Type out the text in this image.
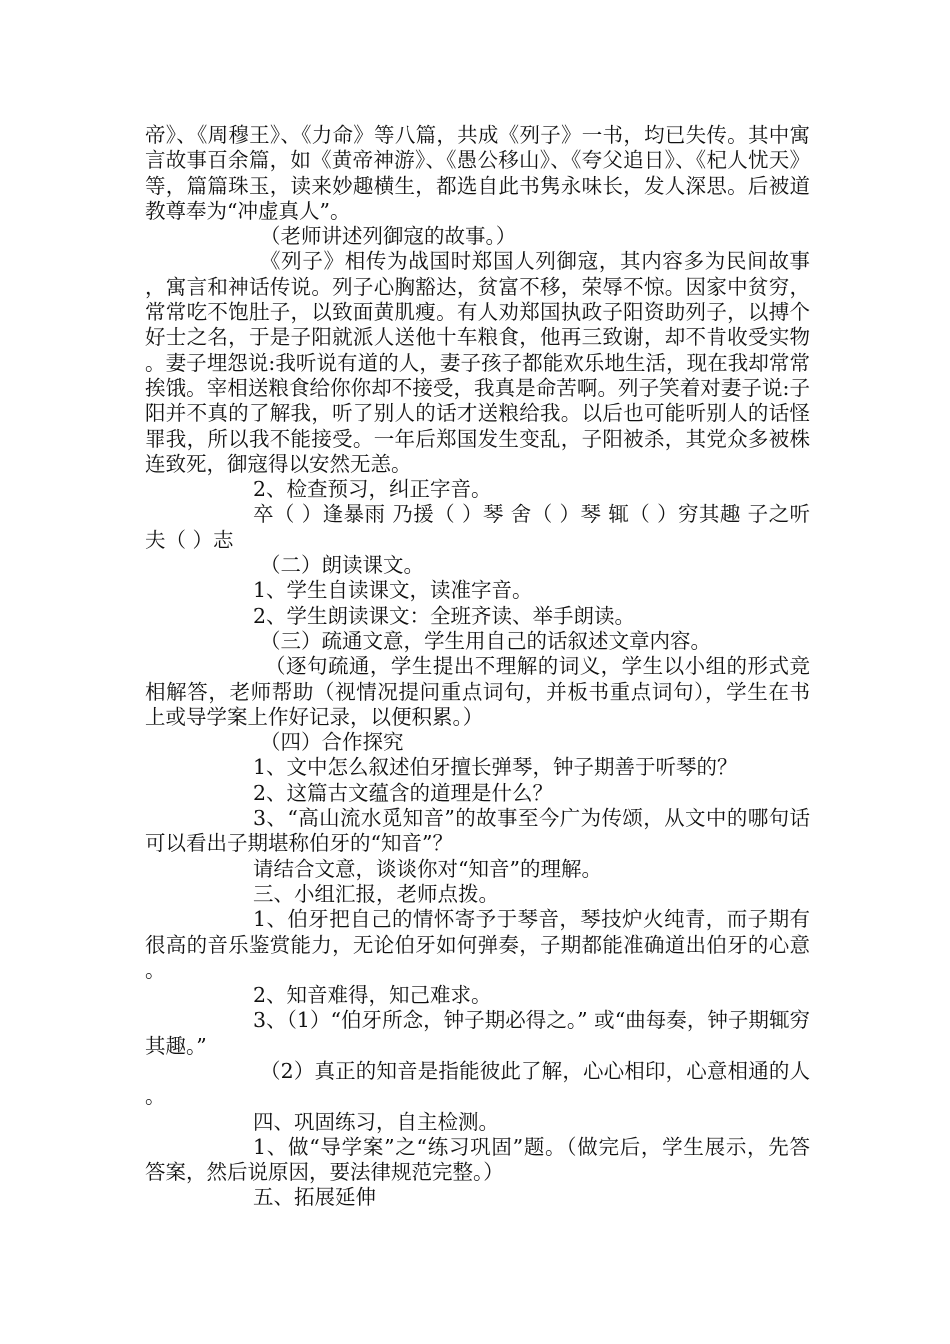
帝》、《周穆王》、《力命》等八篇，共成《列子》一书，均已失传。其中寓言故事百余篇，如《黄帝神游》、《愚公移山》、《夸父追日》、《杞人忧天》等，篇篇珠玉，读来妙趣横生，都选自此书隽永味长，发人深思。后被道教尊奉为“冲虚真人”。

（老师讲述列御寇的故事。）

《列子》相传为战国时郑国人列御寇，其内容多为民间故事，寓言和神话传说。列子心胸豁达，贫富不移，荣辱不惊。因家中贫穷，常常吃不饱肚子，以致面黄肌瘦。有人劝郑国执政子阳资助列子，以搏个好士之名，于是子阳就派人送他十车粮食，他再三致谢，却不肯收受实物。妻子埋怨说:我听说有道的人，妻子孩子都能欢乐地生活，现在我却常常挨饿。宰相送粮食给你你却不接受，我真是命苦啊。列子笑着对妻子说:子阳并不真的了解我，听了别人的话才送粮给我。以后也可能听别人的话怪罪我，所以我不能接受。一年后郑国发生变乱，子阳被杀，其党众多被株连致死，御寇得以安然无恙。

2、检查预习，纠正字音。

卒（ ）逢暴雨 乃援（ ）琴 舍（ ）琴 辄（ ）穷其趣 子之听夫（ ）志

（二）朗读课文。

1、学生自读课文，读准字音。

2、学生朗读课文：全班齐读、举手朗读。

（三）疏通文意，学生用自己的话叙述文章内容。

（逐句疏通，学生提出不理解的词义，学生以小组的形式竞相解答，老师帮助（视情况提问重点词句，并板书重点词句），学生在书上或导学案上作好记录，以便积累。）

（四）合作探究

1、文中怎么叙述伯牙擅长弹琴，钟子期善于听琴的？

2、这篇古文蕴含的道理是什么？

3、“高山流水觅知音”的故事至今广为传颂，从文中的哪句话可以看出子期堪称伯牙的“知音”？

请结合文意，谈谈你对“知音”的理解。

三、小组汇报，老师点拨。

1、伯牙把自己的情怀寄予于琴音，琴技炉火纯青，而子期有很高的音乐鉴赏能力，无论伯牙如何弹奏，子期都能准确道出伯牙的心意。

2、知音难得，知己难求。

3、（1）“伯牙所念，钟子期必得之。” 或“曲每奏，钟子期辄穷其趣。”

（2）真正的知音是指能彼此了解，心心相印，心意相通的人。

四、巩固练习，自主检测。

1、做“导学案”之“练习巩固”题。（做完后，学生展示，先答答案，然后说原因，要法律规范完整。）

五、拓展延伸
